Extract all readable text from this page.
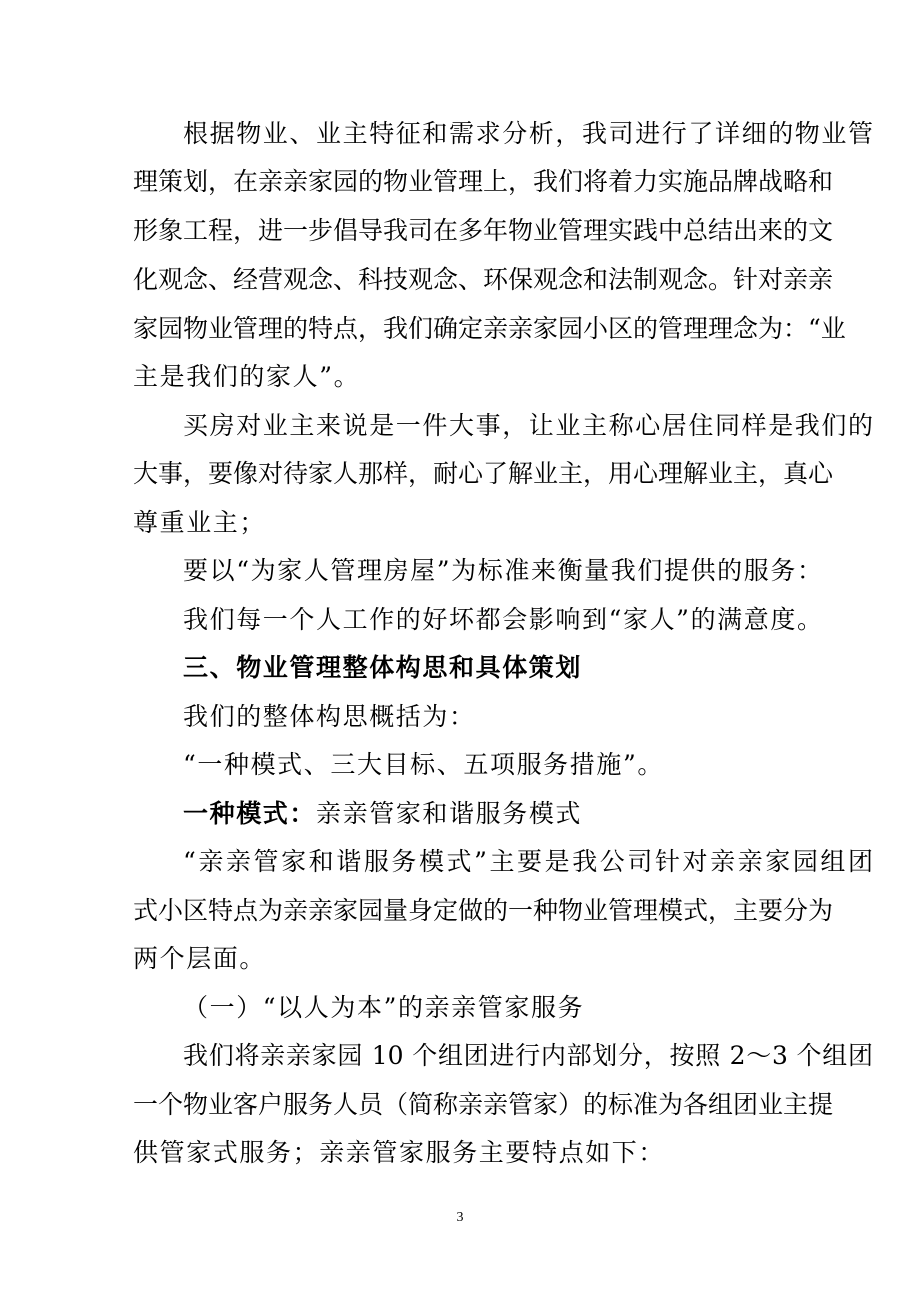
根据物业、业主特征和需求分析，我司进行了详细的物业管
理策划，在亲亲家园的物业管理上，我们将着力实施品牌战略和
形象工程，进一步倡导我司在多年物业管理实践中总结出来的文
化观念、经营观念、科技观念、环保观念和法制观念。针对亲亲
家园物业管理的特点，我们确定亲亲家园小区的管理理念为：“业
主是我们的家人”。
买房对业主来说是一件大事，让业主称心居住同样是我们的
大事，要像对待家人那样，耐心了解业主，用心理解业主，真心
尊重业主；
要以“为家人管理房屋”为标准来衡量我们提供的服务：
我们每一个人工作的好坏都会影响到“家人”的满意度。
三、物业管理整体构思和具体策划
我们的整体构思概括为：
“一种模式、三大目标、五项服务措施”。
一种模式：亲亲管家和谐服务模式
“亲亲管家和谐服务模式”主要是我公司针对亲亲家园组团
式小区特点为亲亲家园量身定做的一种物业管理模式，主要分为
两个层面。
（一）“以人为本”的亲亲管家服务
我们将亲亲家园 10 个组团进行内部划分，按照 2～3 个组团
一个物业客户服务人员（简称亲亲管家）的标准为各组团业主提
供管家式服务；亲亲管家服务主要特点如下：
3
